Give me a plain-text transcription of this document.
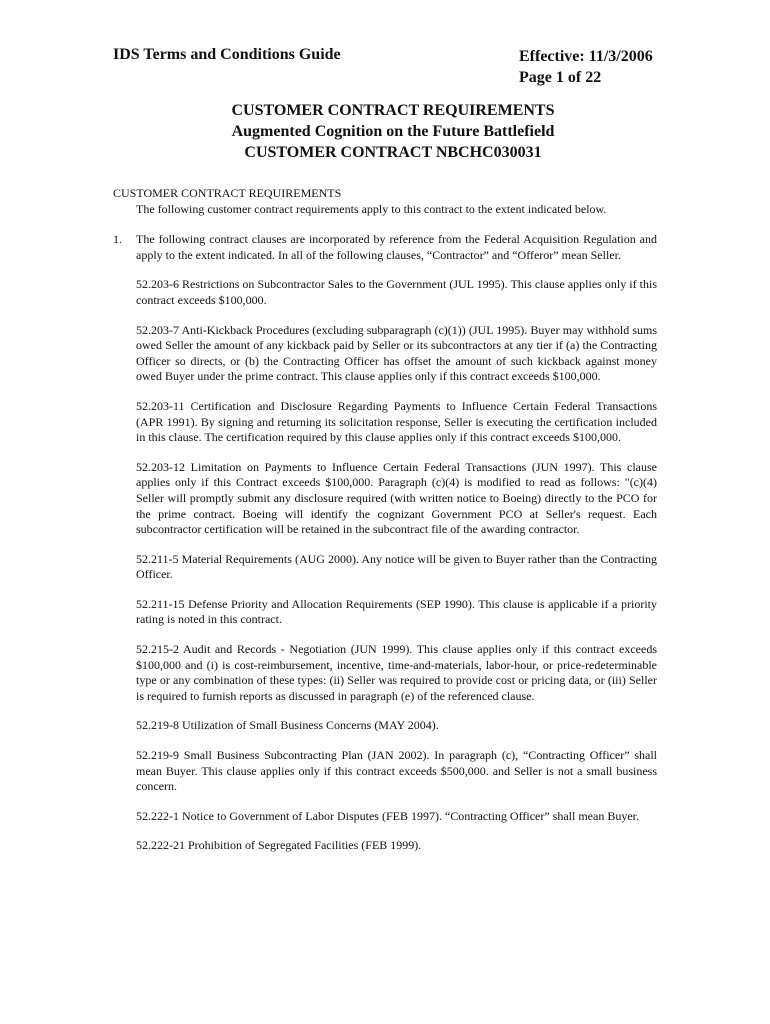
IDS Terms and Conditions Guide	Effective: 11/3/2006
Page 1 of 22
CUSTOMER CONTRACT REQUIREMENTS
Augmented Cognition on the Future Battlefield
CUSTOMER CONTRACT NBCHC030031

CUSTOMER CONTRACT REQUIREMENTS

The following customer contract requirements apply to this contract to the extent indicated below.

1.	The following contract clauses are incorporated by reference from the Federal Acquisition Regulation and apply to the extent indicated. In all of the following clauses, “Contractor” and “Offeror” mean Seller.

52.203-6 Restrictions on Subcontractor Sales to the Government (JUL 1995). This clause applies only if this contract exceeds $100,000.

52.203-7 Anti-Kickback Procedures (excluding subparagraph (c)(1)) (JUL 1995). Buyer may withhold sums owed Seller the amount of any kickback paid by Seller or its subcontractors at any tier if (a) the Contracting Officer so directs, or (b) the Contracting Officer has offset the amount of such kickback against money owed Buyer under the prime contract. This clause applies only if this contract exceeds $100,000.

52.203-11 Certification and Disclosure Regarding Payments to Influence Certain Federal Transactions (APR 1991). By signing and returning its solicitation response, Seller is executing the certification included in this clause. The certification required by this clause applies only if this contract exceeds $100,000.

52.203-12 Limitation on Payments to Influence Certain Federal Transactions (JUN 1997). This clause applies only if this Contract exceeds $100,000. Paragraph (c)(4) is modified to read as follows: "(c)(4) Seller will promptly submit any disclosure required (with written notice to Boeing) directly to the PCO for the prime contract. Boeing will identify the cognizant Government PCO at Seller's request. Each subcontractor certification will be retained in the subcontract file of the awarding contractor.

52.211-5 Material Requirements (AUG 2000). Any notice will be given to Buyer rather than the Contracting Officer.

52.211-15 Defense Priority and Allocation Requirements (SEP 1990). This clause is applicable if a priority rating is noted in this contract.

52.215-2 Audit and Records - Negotiation (JUN 1999). This clause applies only if this contract exceeds $100,000 and (i) is cost-reimbursement, incentive, time-and-materials, labor-hour, or price-redeterminable type or any combination of these types: (ii) Seller was required to provide cost or pricing data, or (iii) Seller is required to furnish reports as discussed in paragraph (e) of the referenced clause.

52.219-8 Utilization of Small Business Concerns (MAY 2004).

52.219-9 Small Business Subcontracting Plan (JAN 2002). In paragraph (c), “Contracting Officer” shall mean Buyer. This clause applies only if this contract exceeds $500,000. and Seller is not a small business concern.

52.222-1 Notice to Government of Labor Disputes (FEB 1997). “Contracting Officer” shall mean Buyer.

52.222-21 Prohibition of Segregated Facilities (FEB 1999).
